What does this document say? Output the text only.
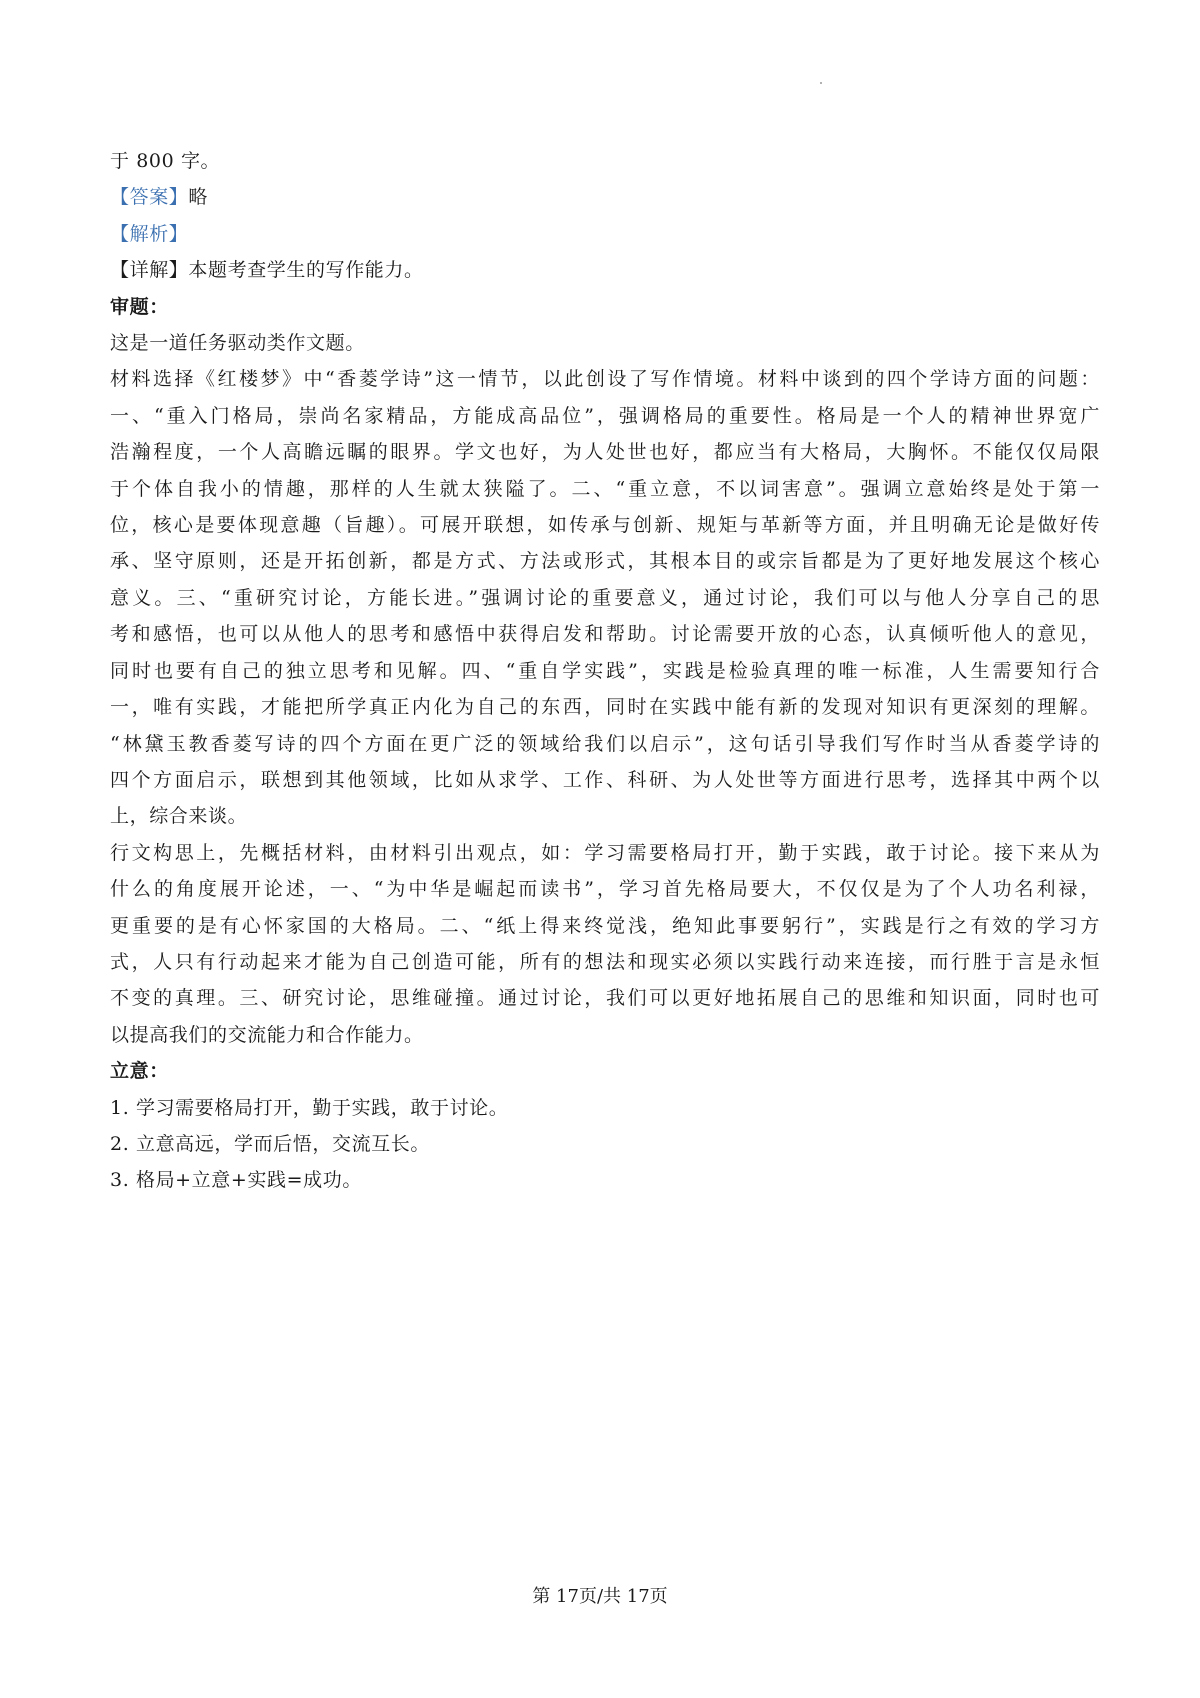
于 800 字。
【答案】略
【解析】
【详解】本题考查学生的写作能力。
审题：
这是一道任务驱动类作文题。
材料选择《红楼梦》中“香菱学诗”这一情节，以此创设了写作情境。材料中谈到的四个学诗方面的问题：
一、“重入门格局，崇尚名家精品，方能成高品位”，强调格局的重要性。格局是一个人的精神世界宽广
浩瀚程度，一个人高瞻远瞩的眼界。学文也好，为人处世也好，都应当有大格局，大胸怀。不能仅仅局限
于个体自我小的情趣，那样的人生就太狭隘了。二、“重立意，不以词害意”。强调立意始终是处于第一
位，核心是要体现意趣（旨趣）。可展开联想，如传承与创新、规矩与革新等方面，并且明确无论是做好传
承、坚守原则，还是开拓创新，都是方式、方法或形式，其根本目的或宗旨都是为了更好地发展这个核心
意义。三、“重研究讨论，方能长进。”强调讨论的重要意义，通过讨论，我们可以与他人分享自己的思
考和感悟，也可以从他人的思考和感悟中获得启发和帮助。讨论需要开放的心态，认真倾听他人的意见，
同时也要有自己的独立思考和见解。四、“重自学实践”，实践是检验真理的唯一标准，人生需要知行合
一，唯有实践，才能把所学真正内化为自己的东西，同时在实践中能有新的发现对知识有更深刻的理解。
“林黛玉教香菱写诗的四个方面在更广泛的领域给我们以启示”，这句话引导我们写作时当从香菱学诗的
四个方面启示，联想到其他领域，比如从求学、工作、科研、为人处世等方面进行思考，选择其中两个以
上，综合来谈。
行文构思上，先概括材料，由材料引出观点，如：学习需要格局打开，勤于实践，敢于讨论。接下来从为
什么的角度展开论述，一、“为中华是崛起而读书”，学习首先格局要大，不仅仅是为了个人功名利禄，
更重要的是有心怀家国的大格局。二、“纸上得来终觉浅，绝知此事要躬行”，实践是行之有效的学习方
式，人只有行动起来才能为自己创造可能，所有的想法和现实必须以实践行动来连接，而行胜于言是永恒
不变的真理。三、研究讨论，思维碰撞。通过讨论，我们可以更好地拓展自己的思维和知识面，同时也可
以提高我们的交流能力和合作能力。
立意：
1. 学习需要格局打开，勤于实践，敢于讨论。
2. 立意高远，学而后悟，交流互长。
3. 格局+立意+实践=成功。
第 17页/共 17页
